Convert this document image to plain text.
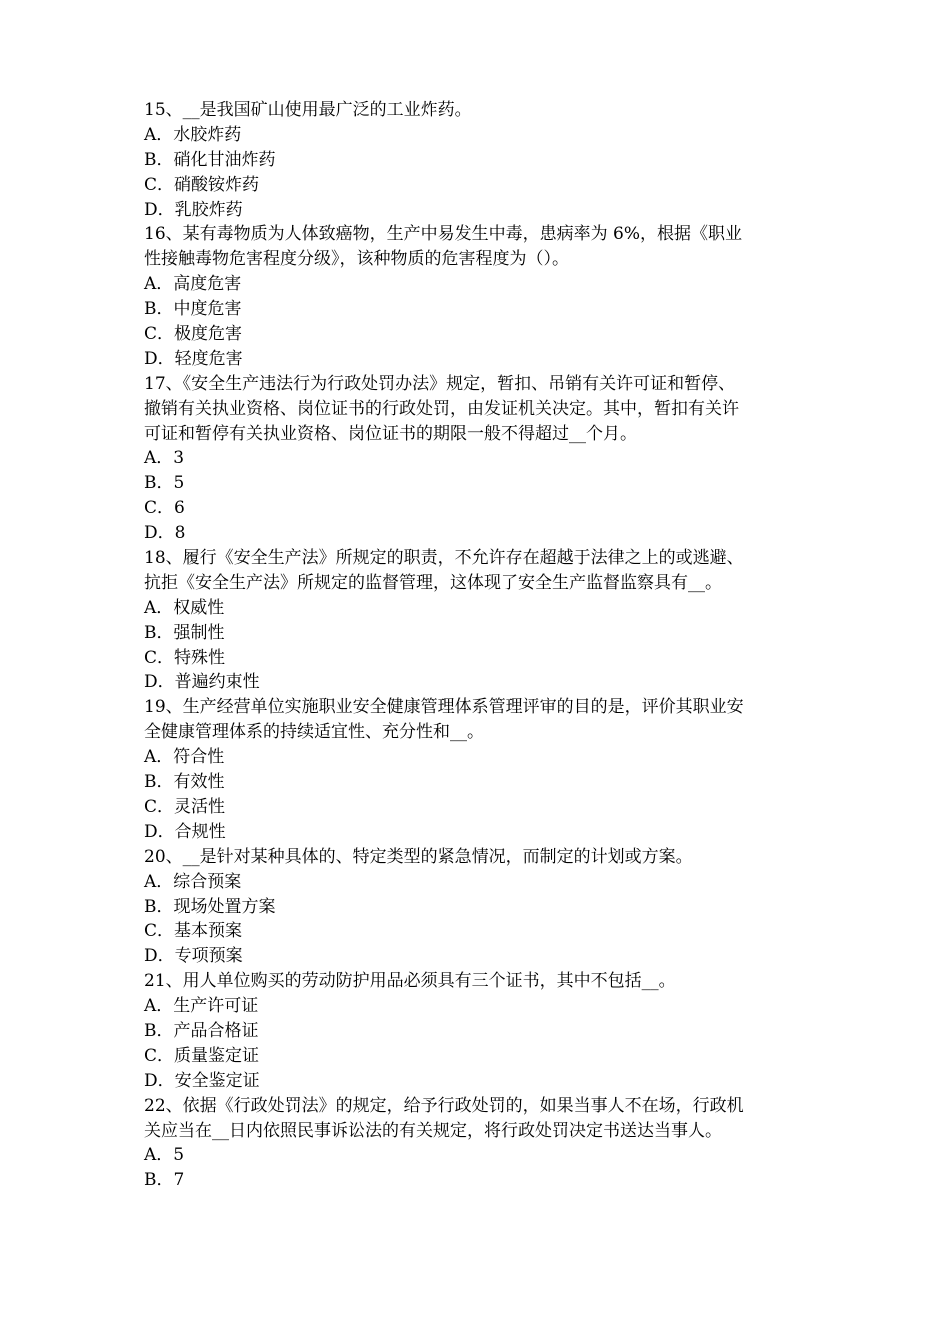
15、__是我国矿山使用最广泛的工业炸药。
A．水胶炸药
B．硝化甘油炸药
C．硝酸铵炸药
D．乳胶炸药
16、某有毒物质为人体致癌物，生产中易发生中毒，患病率为 6%，根据《职业
性接触毒物危害程度分级》，该种物质的危害程度为（）。
A．高度危害
B．中度危害
C．极度危害
D．轻度危害
17、《安全生产违法行为行政处罚办法》规定，暂扣、吊销有关许可证和暂停、
撤销有关执业资格、岗位证书的行政处罚，由发证机关决定。其中，暂扣有关许
可证和暂停有关执业资格、岗位证书的期限一般不得超过__个月。
A．3
B．5
C．6
D．8
18、履行《安全生产法》所规定的职责，不允许存在超越于法律之上的或逃避、
抗拒《安全生产法》所规定的监督管理，这体现了安全生产监督监察具有__。
A．权威性
B．强制性
C．特殊性
D．普遍约束性
19、生产经营单位实施职业安全健康管理体系管理评审的目的是，评价其职业安
全健康管理体系的持续适宜性、充分性和__。
A．符合性
B．有效性
C．灵活性
D．合规性
20、__是针对某种具体的、特定类型的紧急情况，而制定的计划或方案。
A．综合预案
B．现场处置方案
C．基本预案
D．专项预案
21、用人单位购买的劳动防护用品必须具有三个证书，其中不包括__。
A．生产许可证
B．产品合格证
C．质量鉴定证
D．安全鉴定证
22、依据《行政处罚法》的规定，给予行政处罚的，如果当事人不在场，行政机
关应当在__日内依照民事诉讼法的有关规定，将行政处罚决定书送达当事人。
A．5
B．7
